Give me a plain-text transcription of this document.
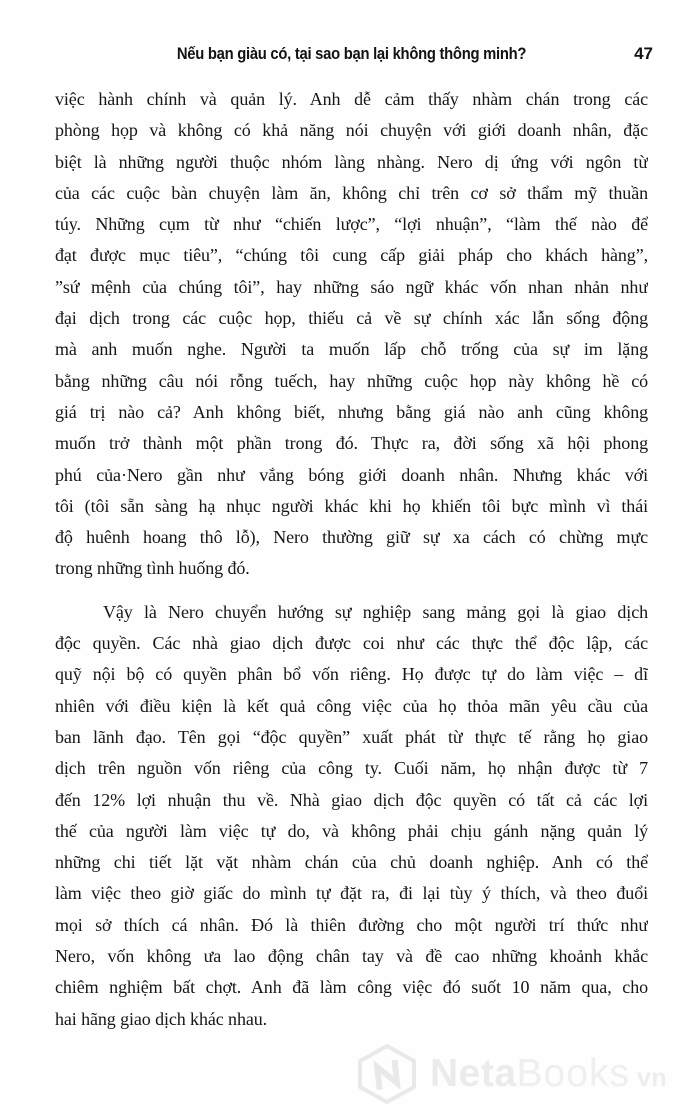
Nếu bạn giàu có, tại sao bạn lại không thông minh?	47
việc hành chính và quản lý. Anh dễ cảm thấy nhàm chán trong các
phòng họp và không có khả năng nói chuyện với giới doanh nhân, đặc
biệt là những người thuộc nhóm làng nhàng. Nero dị ứng với ngôn từ
của các cuộc bàn chuyện làm ăn, không chỉ trên cơ sở thẩm mỹ thuần
túy. Những cụm từ như “chiến lược”, “lợi nhuận”, “làm thế nào để
đạt được mục tiêu”, “chúng tôi cung cấp giải pháp cho khách hàng”,
”sứ mệnh của chúng tôi”, hay những sáo ngữ khác vốn nhan nhản như
đại dịch trong các cuộc họp, thiếu cả về sự chính xác lẫn sống động
mà anh muốn nghe. Người ta muốn lấp chỗ trống của sự im lặng
bằng những câu nói rỗng tuếch, hay những cuộc họp này không hề có
giá trị nào cả? Anh không biết, nhưng bằng giá nào anh cũng không
muốn trở thành một phần trong đó. Thực ra, đời sống xã hội phong
phú của·Nero gần như vắng bóng giới doanh nhân. Nhưng khác với
tôi (tôi sẵn sàng hạ nhục người khác khi họ khiến tôi bực mình vì thái
độ huênh hoang thô lỗ), Nero thường giữ sự xa cách có chừng mực
trong những tình huống đó.
Vậy là Nero chuyển hướng sự nghiệp sang mảng gọi là giao dịch
độc quyền. Các nhà giao dịch được coi như các thực thể độc lập, các
quỹ nội bộ có quyền phân bổ vốn riêng. Họ được tự do làm việc – dĩ
nhiên với điều kiện là kết quả công việc của họ thỏa mãn yêu cầu của
ban lãnh đạo. Tên gọi “độc quyền” xuất phát từ thực tế rằng họ giao
dịch trên nguồn vốn riêng của công ty. Cuối năm, họ nhận được từ 7
đến 12% lợi nhuận thu về. Nhà giao dịch độc quyền có tất cả các lợi
thế của người làm việc tự do, và không phải chịu gánh nặng quản lý
những chi tiết lặt vặt nhàm chán của chủ doanh nghiệp. Anh có thể
làm việc theo giờ giấc do mình tự đặt ra, đi lại tùy ý thích, và theo đuổi
mọi sở thích cá nhân. Đó là thiên đường cho một người trí thức như
Nero, vốn không ưa lao động chân tay và đề cao những khoảnh khắc
chiêm nghiệm bất chợt. Anh đã làm công việc đó suốt 10 năm qua, cho
hai hãng giao dịch khác nhau.
Neta Books vn
